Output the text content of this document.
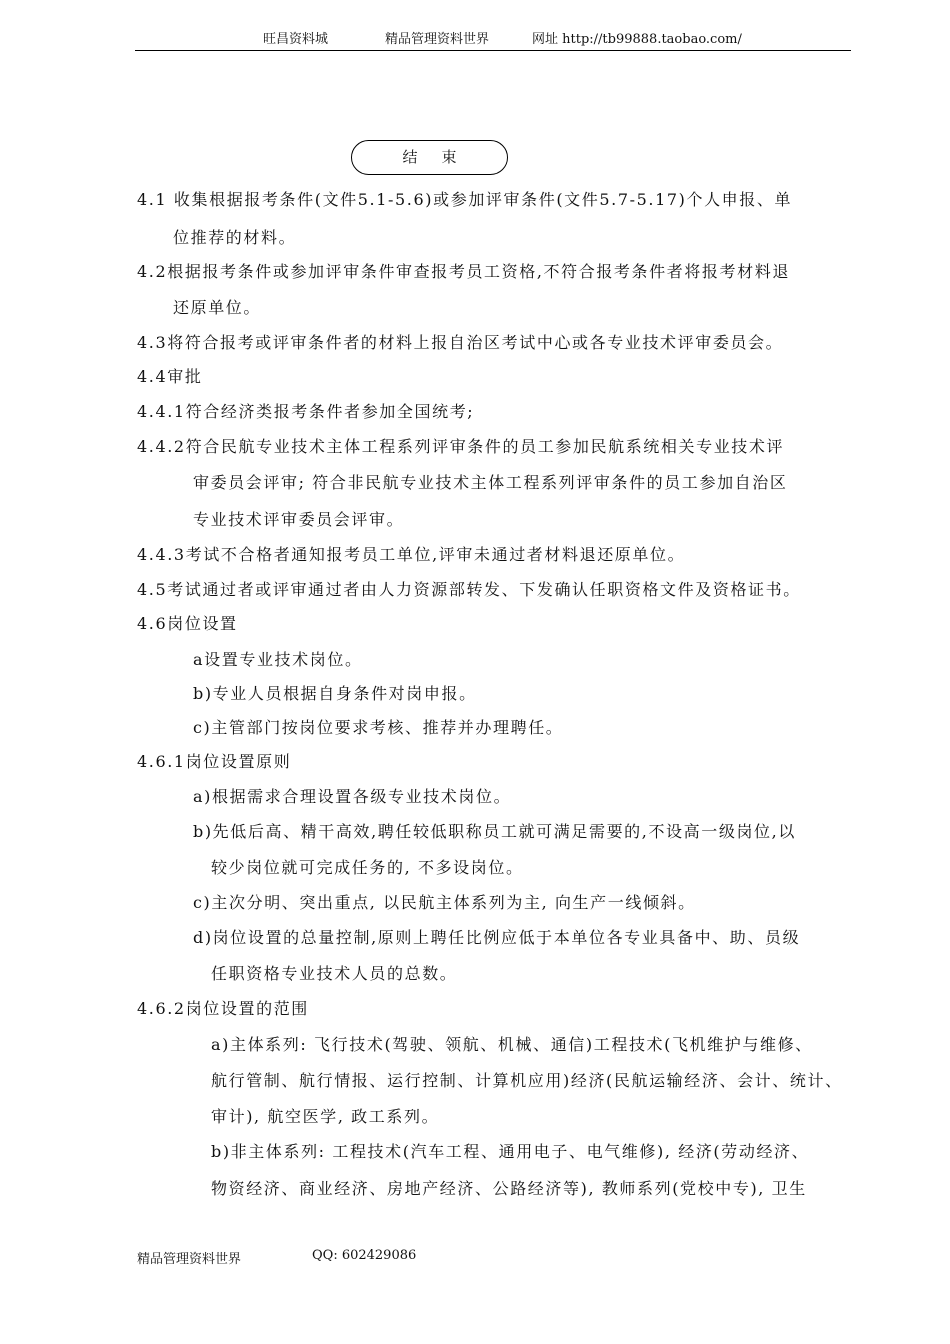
旺昌资料城	精品管理资料世界	网址 http://tb99888.taobao.com/
结束
4.1 收集根据报考条件(文件5.1-5.6)或参加评审条件(文件5.7-5.17)个人申报、单
位推荐的材料。
4.2根据报考条件或参加评审条件审查报考员工资格,不符合报考条件者将报考材料退
还原单位。
4.3将符合报考或评审条件者的材料上报自治区考试中心或各专业技术评审委员会。
4.4审批
4.4.1符合经济类报考条件者参加全国统考;
4.4.2符合民航专业技术主体工程系列评审条件的员工参加民航系统相关专业技术评
审委员会评审; 符合非民航专业技术主体工程系列评审条件的员工参加自治区
专业技术评审委员会评审。
4.4.3考试不合格者通知报考员工单位,评审未通过者材料退还原单位。
4.5考试通过者或评审通过者由人力资源部转发、下发确认任职资格文件及资格证书。
4.6岗位设置
a设置专业技术岗位。
b)专业人员根据自身条件对岗申报。
c)主管部门按岗位要求考核、推荐并办理聘任。
4.6.1岗位设置原则
a)根据需求合理设置各级专业技术岗位。
b)先低后高、精干高效,聘任较低职称员工就可满足需要的,不设高一级岗位,以
较少岗位就可完成任务的, 不多设岗位。
c)主次分明、突出重点, 以民航主体系列为主, 向生产一线倾斜。
d)岗位设置的总量控制,原则上聘任比例应低于本单位各专业具备中、助、员级
任职资格专业技术人员的总数。
4.6.2岗位设置的范围
a)主体系列: 飞行技术(驾驶、领航、机械、通信)工程技术(飞机维护与维修、
航行管制、航行情报、运行控制、计算机应用)经济(民航运输经济、会计、统计、
审计), 航空医学, 政工系列。
b)非主体系列: 工程技术(汽车工程、通用电子、电气维修), 经济(劳动经济、
物资经济、商业经济、房地产经济、公路经济等), 教师系列(党校中专), 卫生
精品管理资料世界	QQ: 602429086
